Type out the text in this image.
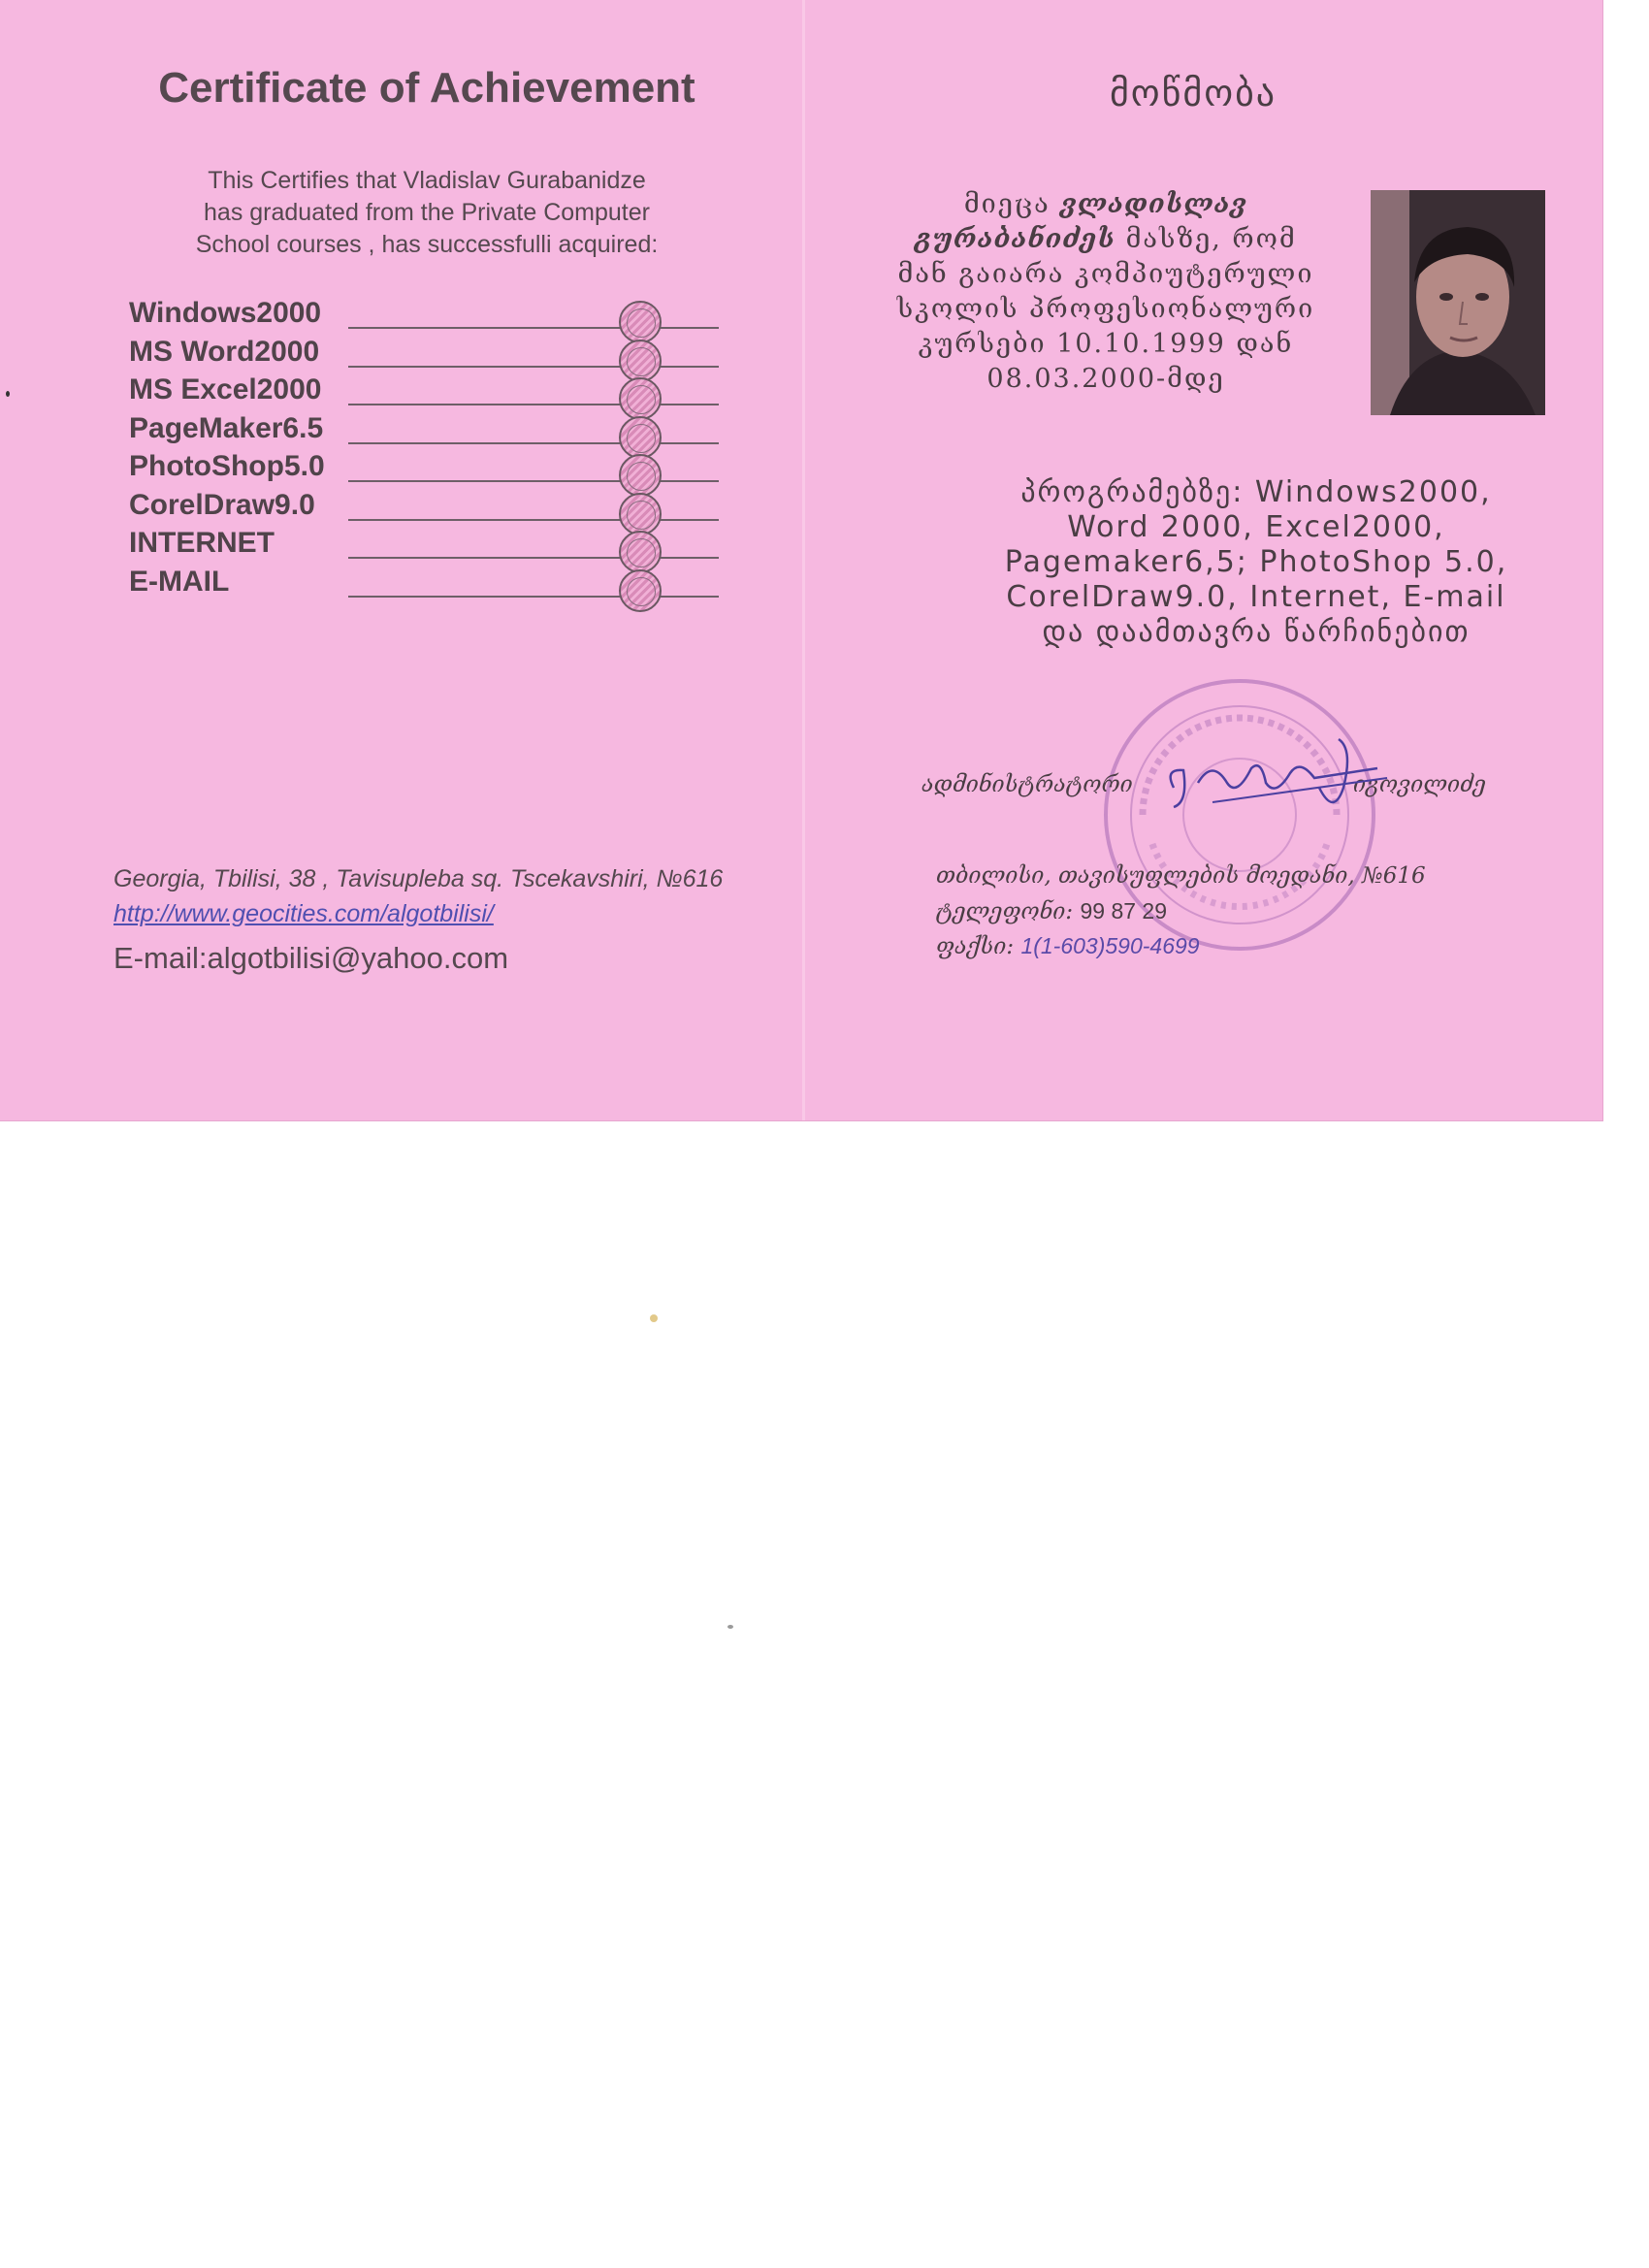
Certificate of Achievement
This Certifies that Vladislav Gurabanidze
has graduated from the Private Computer
School courses , has successfulli acquired:
Windows2000
MS Word2000
MS Excel2000
PageMaker6.5
PhotoShop5.0
CorelDraw9.0
INTERNET
E-MAIL
Georgia, Tbilisi, 38 , Tavisupleba sq. Tscekavshiri, №616
http://www.geocities.com/algotbilisi/
E-mail:algotbilisi@yahoo.com
მოწმობა
მიეცა ვლადისლავ
გურაბანიძეს მასზე, რომ
მან გაიარა კომპიუტერული
სკოლის პროფესიონალური
კურსები 10.10.1999 დან
08.03.2000-მდე
პროგრამებზე: Windows2000,
Word 2000, Excel2000,
Pagemaker6,5; PhotoShop 5.0,
CorelDraw9.0, Internet, E-mail
და დაამთავრა წარჩინებით
ადმინისტრატორი	იგოვილიძე
თბილისი, თავისუფლების მოედანი, №616
ტელეფონი: 99 87 29
ფაქსი: 1(1-603)590-4699
